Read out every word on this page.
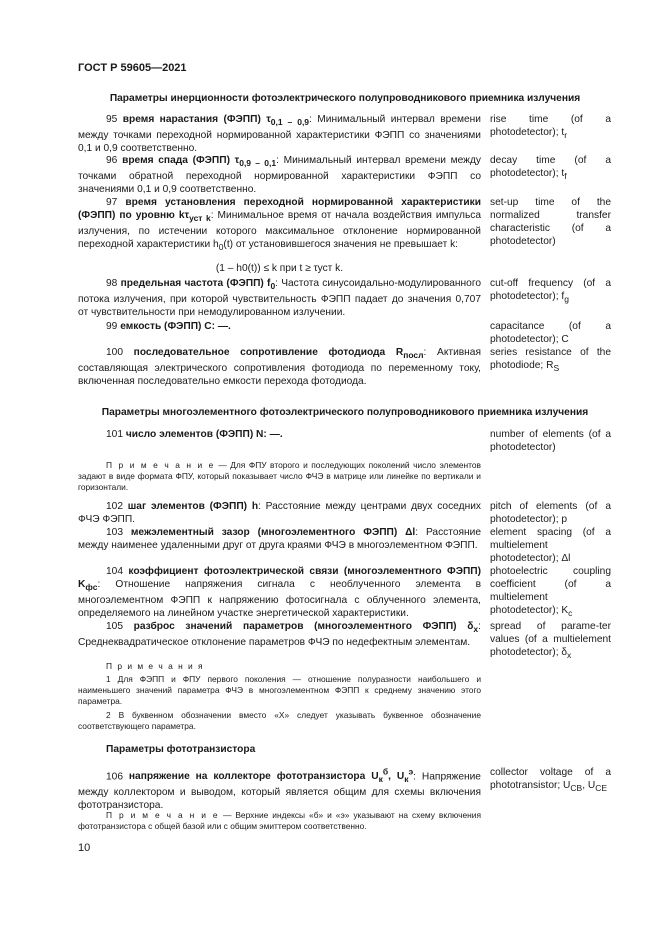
ГОСТ Р 59605—2021
Параметры инерционности фотоэлектрического полупроводникового приемника излучения
95 время нарастания (ФЭПП) $\tau_{0,1 - 0,9}$: Минимальный интервал времени между точками переходной нормированной характеристики ФЭПП со значениями 0,1 и 0,9 соответственно.
rise time (of a photodetector); $t_r$
96 время спада (ФЭПП) $\tau_{0,9 - 0,1}$: Минимальный интервал времени между точками обратной переходной нормированной характеристики ФЭПП со значениями 0,1 и 0,9 соответственно.
decay time (of a photodetector); $t_f$
97 время установления переходной нормированной характеристики (ФЭПП) по уровню $k\tau_{уст k}$: Минимальное время от начала воздействия импульса излучения, по истечении которого максимальное отклонение нормированной переходной характеристики $h_0(t)$ от установившегося значения не превышает k:
set-up time of the normalized transfer characteristic (of a photodetector)
(1 – h0(t)) ≤ k при t ≥ τуст k.
98 предельная частота (ФЭПП) $f_0$: Частота синусоидально-модулированного потока излучения, при которой чувствительность ФЭПП падает до значения 0,707 от чувствительности при немодулированном излучении.
cut-off frequency (of a photodetector); $f_g$
99 емкость (ФЭПП) C: —.	capacitance (of a photodetector); C
100 последовательное сопротивление фотодиода $R_{посл}$: Активная составляющая электрического сопротивления фотодиода по переменному току, включенная последовательно емкости перехода фотодиода.
series resistance of the photodiode; $R_S$
Параметры многоэлементного фотоэлектрического полупроводникового приемника излучения
101 число элементов (ФЭПП) N: —.	number of elements (of a photodetector)
П р и м е ч а н и е — Для ФПУ второго и последующих поколений число элементов задают в виде формата ФПУ, который показывает число ФЧЭ в матрице или линейке по вертикали и горизонтали.
102 шаг элементов (ФЭПП) h: Расстояние между центрами двух соседних ФЧЭ ФЭПП.
pitch of elements (of a photodetector); p
103 межэлементный зазор (многоэлементного ФЭПП) Δl: Расстояние между наименее удаленными друг от друга краями ФЧЭ в многоэлементном ФЭПП.
element spacing (of a multielement photodetector); Δl
104 коэффициент фотоэлектрической связи (многоэлементного ФЭПП) $K_{фс}$: Отношение напряжения сигнала с необлученного элемента в многоэлементном ФЭПП к напряжению фотосигнала с облученного элемента, определяемого на линейном участке энергетической характеристики.
photoelectric coupling coefficient (of a multielement photodetector); $K_c$
105 разброс значений параметров (многоэлементного ФЭПП) $\delta_x$: Среднеквадратическое отклонение параметров ФЧЭ по недефектным элементам.
spread of parame-ter values (of a multielement photodetector); $\delta_x$
П р и м е ч а н и я
1 Для ФЭПП и ФПУ первого поколения — отношение полуразности наибольшего и наименьшего значений параметра ФЧЭ в многоэлементном ФЭПП к среднему значению этого параметра.
2 В буквенном обозначении вместо «X» следует указывать буквенное обозначение соответствующего параметра.
Параметры фототранзистора
106 напряжение на коллекторе фототранзистора $U_к^б$, $U_к^э$: Напряжение между коллектором и выводом, который является общим для схемы включения фототранзистора.
collector voltage of a phototransistor; $U_{CB}$, $U_{CE}$
П р и м е ч а н и е — Верхние индексы «б» и «э» указывают на схему включения фототранзистора с общей базой или с общим эмиттером соответственно.
10
